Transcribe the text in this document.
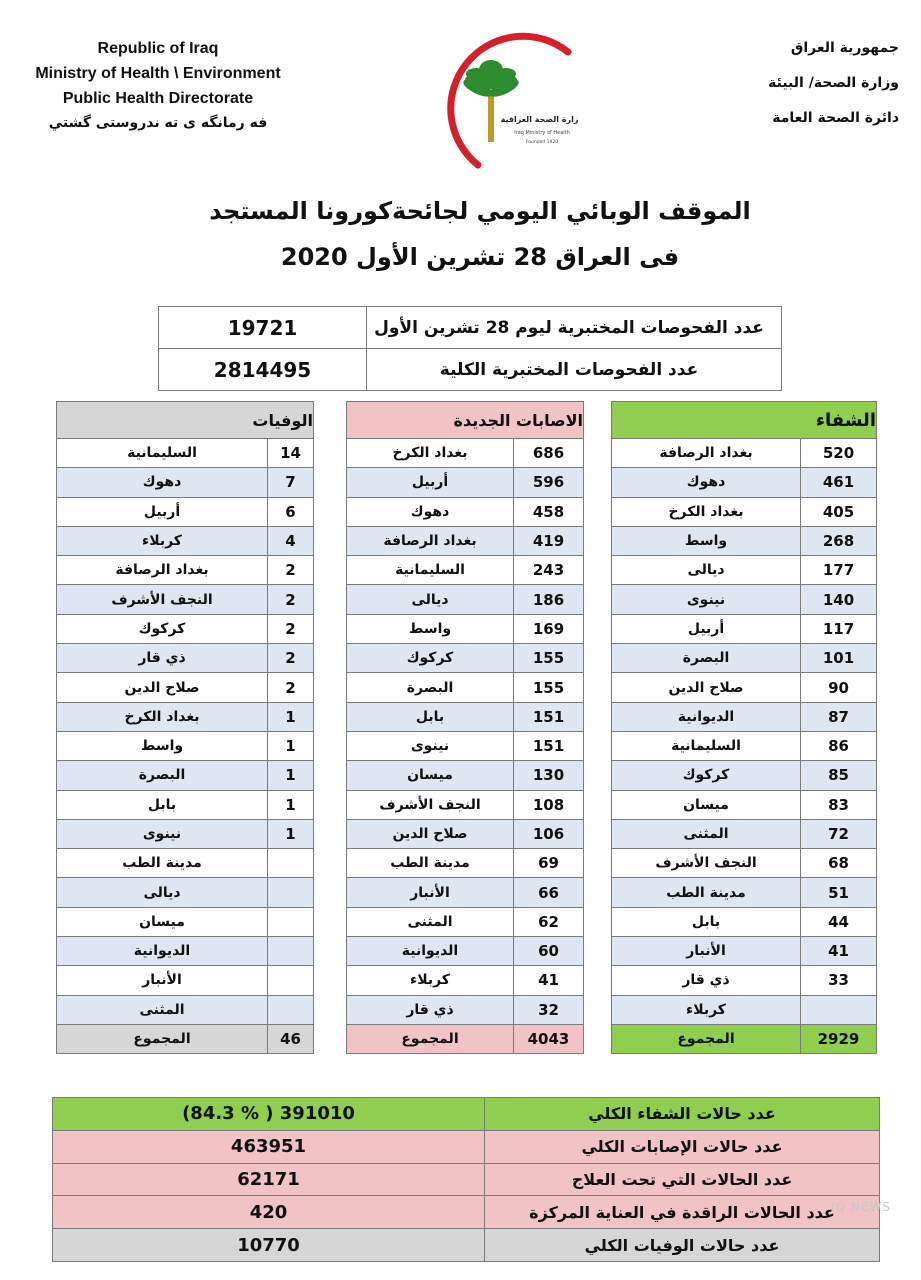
Republic of Iraq
Ministry of Health \ Environment
Public Health Directorate
فه رمانگه ی ته ندروستی گشتي	وزارة الصحة العراقية
Iraq Ministry of Health
Founded 1920
جمهورية العراق
وزارة الصحة/ البيئة
دائرة الصحة العامة
الموقف الوبائي اليومي لجائحةكورونا المستجد
فى العراق 28 تشرين الأول 2020
19721	عدد الفحوصات المختبرية ليوم 28 تشرين الأول
2814495	عدد الفحوصات المختبرية الكلية
الشفاء	
بغداد الرصافة	520
دهوك	461
بغداد الكرخ	405
واسط	268
ديالى	177
نينوى	140
أربيل	117
البصرة	101
صلاح الدين	90
الديوانية	87
السليمانية	86
كركوك	85
ميسان	83
المثنى	72
النجف الأشرف	68
مدينة الطب	51
بابل	44
الأنبار	41
ذي قار	33
كربلاء	
المجموع	2929
الاصابات الجديدة	
بغداد الكرخ	686
أربيل	596
دهوك	458
بغداد الرصافة	419
السليمانية	243
ديالى	186
واسط	169
كركوك	155
البصرة	155
بابل	151
نينوى	151
ميسان	130
النجف الأشرف	108
صلاح الدين	106
مدينة الطب	69
الأنبار	66
المثنى	62
الديوانية	60
كربلاء	41
ذي قار	32
المجموع	4043
الوفيات	
السليمانية	14
دهوك	7
أربيل	6
كربلاء	4
بغداد الرصافة	2
النجف الأشرف	2
كركوك	2
ذي قار	2
صلاح الدين	2
بغداد الكرخ	1
واسط	1
البصرة	1
بابل	1
نينوى	1
مدينة الطب	
ديالى	
ميسان	
الديوانية	
الأنبار	
المثنى	
المجموع	46
(84.3 % ) 391010	عدد حالات الشفاء الكلي
463951	عدد حالات الإصابات الكلي
62171	عدد الحالات التي تحت العلاج
420	عدد الحالات الراقدة في العناية المركزة
10770	عدد حالات الوفيات الكلي
IQ NEWS
